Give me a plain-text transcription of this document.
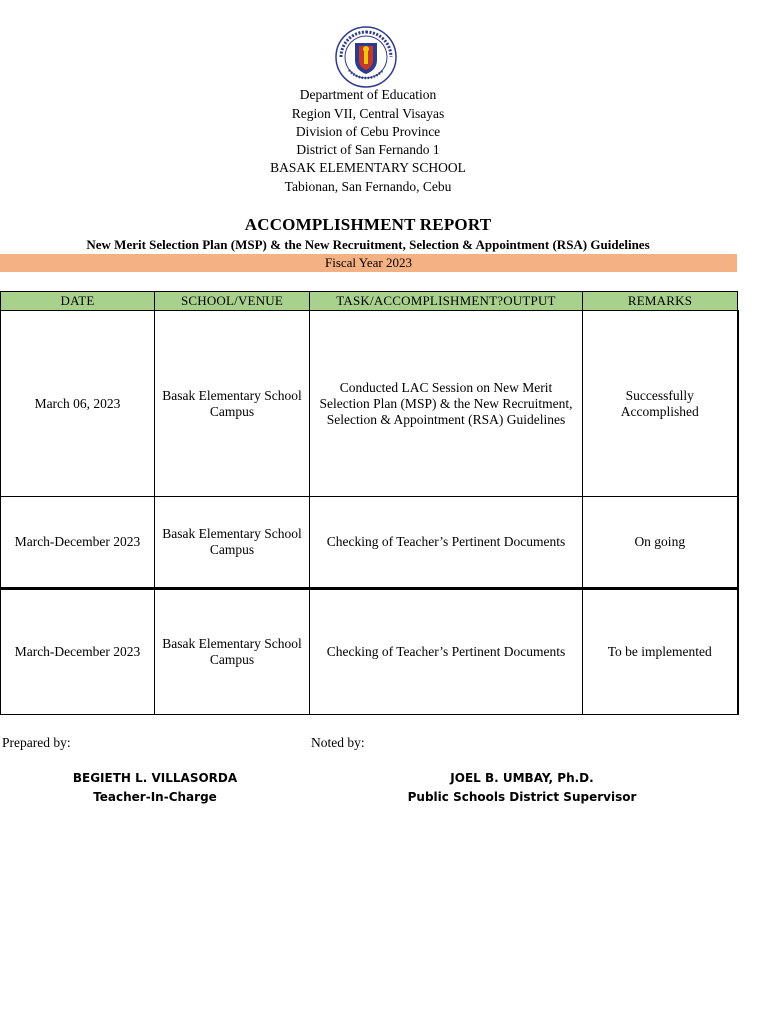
Department of Education
Region VII, Central Visayas
Division of Cebu Province
District of San Fernando 1
BASAK ELEMENTARY SCHOOL
Tabionan, San Fernando, Cebu
ACCOMPLISHMENT REPORT
New Merit Selection Plan (MSP) & the New Recruitment, Selection & Appointment (RSA) Guidelines
Fiscal Year 2023
DATE	SCHOOL/VENUE	TASK/ACCOMPLISHMENT?OUTPUT	REMARKS
March 06, 2023	Basak Elementary School Campus	Conducted LAC Session on New Merit Selection Plan (MSP) & the New Recruitment, Selection & Appointment (RSA) Guidelines	Successfully Accomplished
March-December 2023	Basak Elementary School Campus	Checking of Teacher’s Pertinent Documents	On going
March-December 2023	Basak Elementary School Campus	Checking of Teacher’s Pertinent Documents	To be implemented
Prepared by:	Noted by:
BEGIETH L. VILLASORDA
Teacher-In-Charge
JOEL B. UMBAY, Ph.D.
Public Schools District Supervisor
